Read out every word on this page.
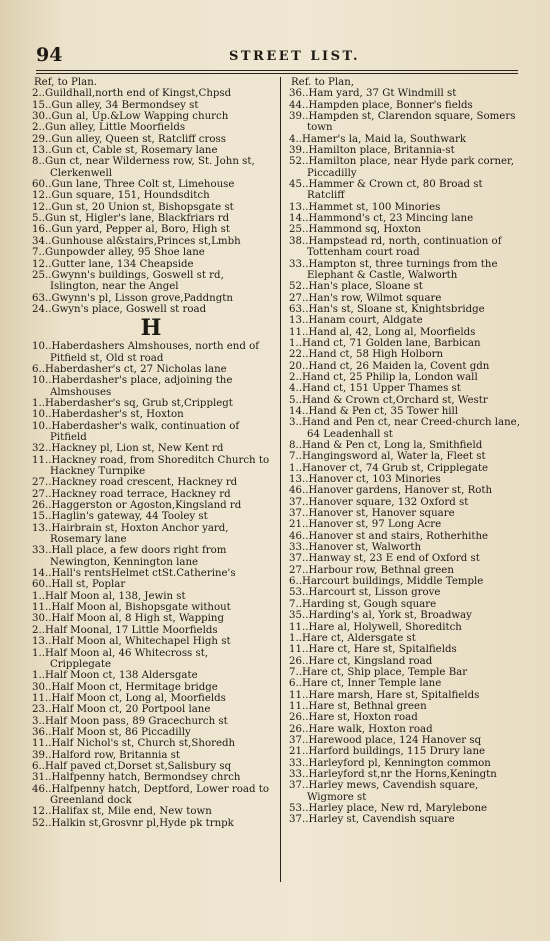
94	STREET LIST.
Ref, to Plan.
2..Guildhall,north end of Kingst,Chpsd
15..Gun alley, 34 Bermondsey st
30..Gun al, Up.&Low Wapping church
2..Gun alley, Little Moorfields
29..Gun alley, Queen st, Ratcliff cross
13..Gun ct, Cable st, Rosemary lane
8..Gun ct, near Wilderness row, St. John st, Clerkenwell
60..Gun lane, Three Colt st, Limehouse
12..Gun square, 151, Houndsditch
12..Gun st, 20 Union st, Bishopsgate st
5..Gun st, Higler's lane, Blackfriars rd
16..Gun yard, Pepper al, Boro, High st
34..Gunhouse al&stairs,Princes st,Lmbh
7..Gunpowder alley, 95 Shoe lane
12..Gutter lane, 134 Cheapside
25..Gwynn's buildings, Goswell st rd, Islington, near the Angel
63..Gwynn's pl, Lisson grove,Paddngtn
24..Gwyn's place, Goswell st road
H
10..Haberdashers Almshouses, north end of Pitfield st, Old st road
6..Haberdasher's ct, 27 Nicholas lane
10..Haberdasher's place, adjoining the Almshouses
1..Haberdasher's sq, Grub st,Cripplegt
10..Haberdasher's st, Hoxton
10..Haberdasher's walk, continuation of Pitfield
32..Hackney pl, Lion st, New Kent rd
11..Hackney road, from Shoreditch Church to Hackney Turnpike
27..Hackney road crescent, Hackney rd
27..Hackney road terrace, Hackney rd
26..Haggerston or Agoston,Kingsland rd
15..Haglin's gateway, 44 Tooley st
13..Hairbrain st, Hoxton Anchor yard, Rosemary lane
33..Hall place, a few doors right from Newington, Kennington lane
14..Hall's rentsHelmet ctSt.Catherine's
60..Hall st, Poplar
1..Half Moon al, 138, Jewin st
11..Half Moon al, Bishopsgate without
30..Half Moon al, 8 High st, Wapping
2..Half Moonal, 17 Little Moorfields
13..Half Moon al, Whitechapel High st
1..Half Moon al, 46 Whitecross st, Cripplegate
1..Half Moon ct, 138 Aldersgate
30..Half Moon ct, Hermitage bridge
11..Half Moon ct, Long al, Moorfields
23..Half Moon ct, 20 Portpool lane
3..Half Moon pass, 89 Gracechurch st
36..Half Moon st, 86 Piccadilly
11..Half Nichol's st, Church st,Shoredh
39..Halford row, Britannia st
6..Half paved ct,Dorset st,Salisbury sq
31..Halfpenny hatch, Bermondsey chrch
46..Halfpenny hatch, Deptford, Lower road to Greenland dock
12..Halifax st, Mile end, New town
52..Halkin st,Grosvnr pl,Hyde pk trnpk
Ref. to Plan,
36..Ham yard, 37 Gt Windmill st
44..Hampden place, Bonner's fields
39..Hampden st, Clarendon square, Somers town
4..Hamer's la, Maid la, Southwark
39..Hamilton place, Britannia-st
52..Hamilton place, near Hyde park corner, Piccadilly
45..Hammer & Crown ct, 80 Broad st Ratcliff
13..Hammet st, 100 Minories
14..Hammond's ct, 23 Mincing lane
25..Hammond sq, Hoxton
38..Hampstead rd, north, continuation of Tottenham court road
33..Hampton st, three turnings from the Elephant & Castle, Walworth
52..Han's place, Sloane st
27..Han's row, Wilmot square
63..Han's st, Sloane st, Knightsbridge
13..Hanam court, Aldgate
11..Hand al, 42, Long al, Moorfields
1..Hand ct, 71 Golden lane, Barbican
22..Hand ct, 58 High Holborn
20..Hand ct, 26 Maiden la, Covent gdn
2..Hand ct, 25 Philip la, London wall
4..Hand ct, 151 Upper Thames st
5..Hand & Crown ct,Orchard st, Westr
14..Hand & Pen ct, 35 Tower hill
3..Hand and Pen ct, near Creed-church lane, 64 Leadenhall st
8..Hand & Pen ct, Long la, Smithfield
7..Hangingsword al, Water la, Fleet st
1..Hanover ct, 74 Grub st, Cripplegate
13..Hanover ct, 103 Minories
46..Hanover gardens, Hanover st, Roth
37..Hanover square, 132 Oxford st
37..Hanover st, Hanover square
21..Hanover st, 97 Long Acre
46..Hanover st and stairs, Rotherhithe
33..Hanover st, Walworth
37..Hanway st, 23 E end of Oxford st
27..Harbour row, Bethnal green
6..Harcourt buildings, Middle Temple
53..Harcourt st, Lisson grove
7..Harding st, Gough square
35..Harding's al, York st, Broadway
11..Hare al, Holywell, Shoreditch
1..Hare ct, Aldersgate st
11..Hare ct, Hare st, Spitalfields
26..Hare ct, Kingsland road
7..Hare ct, Ship place, Temple Bar
6..Hare ct, Inner Temple lane
11..Hare marsh, Hare st, Spitalfields
11..Hare st, Bethnal green
26..Hare st, Hoxton road
26..Hare walk, Hoxton road
37..Harewood place, 124 Hanover sq
21..Harford buildings, 115 Drury lane
33..Harleyford pl, Kennington common
33..Harleyford st,nr the Horns,Keningtn
37..Harley mews, Cavendish square, Wigmore st
53..Harley place, New rd, Marylebone
37..Harley st, Cavendish square
